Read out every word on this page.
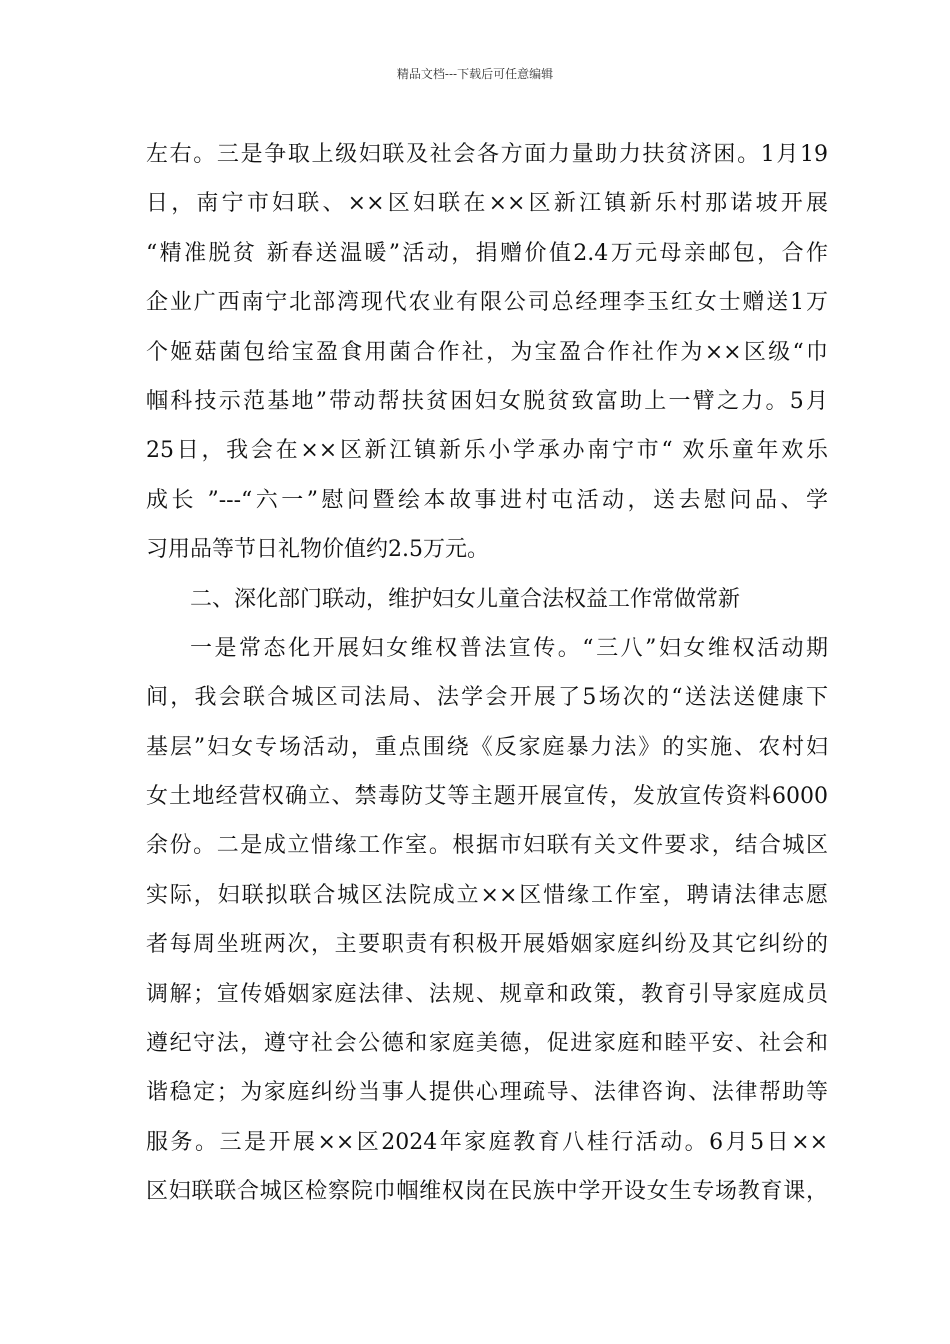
精品文档---下载后可任意编辑
左右。三是争取上级妇联及社会各方面力量助力扶贫济困。1月19
日，南宁市妇联、××区妇联在××区新江镇新乐村那诺坡开展
“精准脱贫 新春送温暖”活动，捐赠价值2.4万元母亲邮包，合作
企业广西南宁北部湾现代农业有限公司总经理李玉红女士赠送1万
个姬菇菌包给宝盈食用菌合作社，为宝盈合作社作为××区级“巾
帼科技示范基地”带动帮扶贫困妇女脱贫致富助上一臂之力。5月
25日，我会在××区新江镇新乐小学承办南宁市“ 欢乐童年欢乐
成长 ”---“六一”慰问暨绘本故事进村屯活动，送去慰问品、学
习用品等节日礼物价值约2.5万元。
二、深化部门联动，维护妇女儿童合法权益工作常做常新
一是常态化开展妇女维权普法宣传。“三八”妇女维权活动期
间，我会联合城区司法局、法学会开展了5场次的“送法送健康下
基层”妇女专场活动，重点围绕《反家庭暴力法》的实施、农村妇
女土地经营权确立、禁毒防艾等主题开展宣传，发放宣传资料6000
余份。二是成立惜缘工作室。根据市妇联有关文件要求，结合城区
实际，妇联拟联合城区法院成立××区惜缘工作室，聘请法律志愿
者每周坐班两次，主要职责有积极开展婚姻家庭纠纷及其它纠纷的
调解；宣传婚姻家庭法律、法规、规章和政策，教育引导家庭成员
遵纪守法，遵守社会公德和家庭美德，促进家庭和睦平安、社会和
谐稳定；为家庭纠纷当事人提供心理疏导、法律咨询、法律帮助等
服务。三是开展××区2024年家庭教育八桂行活动。6月5日××
区妇联联合城区检察院巾帼维权岗在民族中学开设女生专场教育课，
